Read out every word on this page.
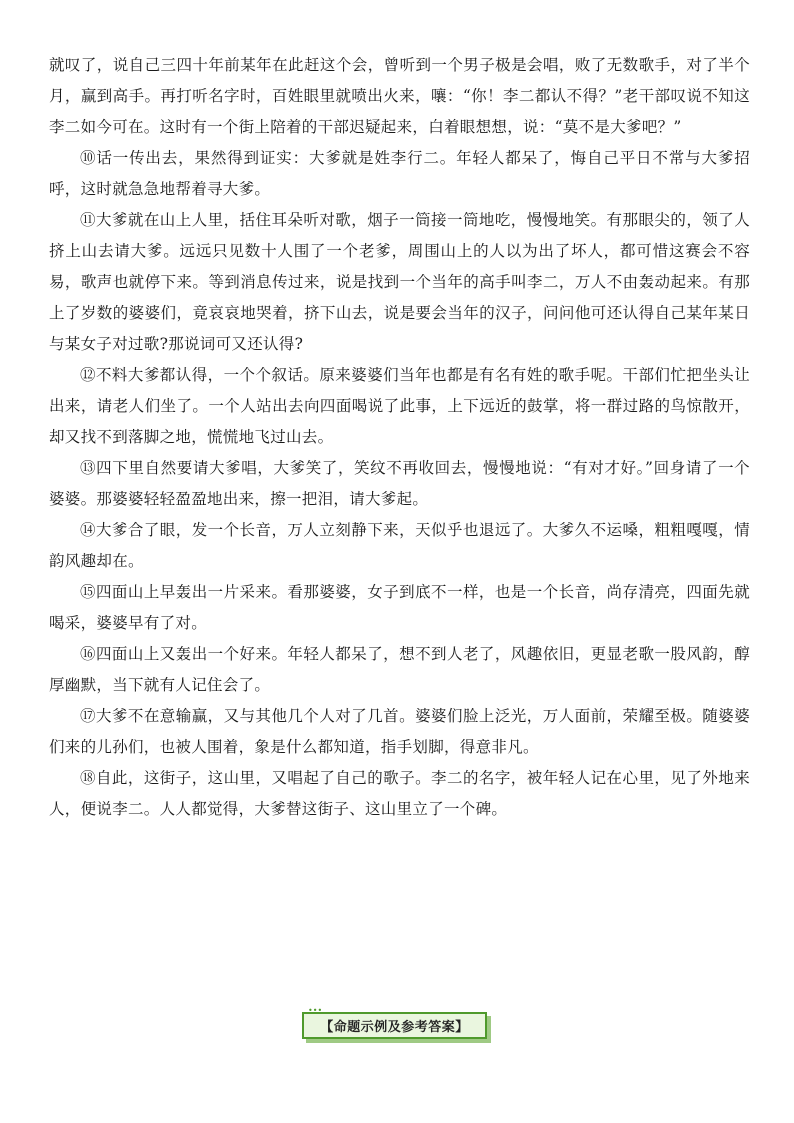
就叹了，说自己三四十年前某年在此赶这个会，曾听到一个男子极是会唱，败了无数歌手，对了半个月，赢到高手。再打听名字时，百姓眼里就喷出火来，嚷：“你！李二都认不得？”老干部叹说不知这李二如今可在。这时有一个街上陪着的干部迟疑起来，白着眼想想，说：“莫不是大爹吧？”

⑩话一传出去，果然得到证实：大爹就是姓李行二。年轻人都呆了，悔自己平日不常与大爹招呼，这时就急急地帮着寻大爹。

⑪大爹就在山上人里，括住耳朵听对歌，烟子一筒接一筒地吃，慢慢地笑。有那眼尖的，领了人挤上山去请大爹。远远只见数十人围了一个老爹，周围山上的人以为出了坏人，都可惜这赛会不容易，歌声也就停下来。等到消息传过来，说是找到一个当年的高手叫李二，万人不由轰动起来。有那上了岁数的婆婆们，竟哀哀地哭着，挤下山去，说是要会当年的汉子，问问他可还认得自己某年某日与某女子对过歌?那说词可又还认得?

⑫不料大爹都认得，一个个叙话。原来婆婆们当年也都是有名有姓的歌手呢。干部们忙把坐头让出来，请老人们坐了。一个人站出去向四面喝说了此事，上下远近的鼓掌，将一群过路的鸟惊散开，却又找不到落脚之地，慌慌地飞过山去。

⑬四下里自然要请大爹唱，大爹笑了，笑纹不再收回去，慢慢地说：“有对才好。”回身请了一个婆婆。那婆婆轻轻盈盈地出来，擦一把泪，请大爹起。

⑭大爹合了眼，发一个长音，万人立刻静下来，天似乎也退远了。大爹久不运嗓，粗粗嘎嘎，情韵风趣却在。

⑮四面山上早轰出一片采来。看那婆婆，女子到底不一样，也是一个长音，尚存清亮，四面先就喝采，婆婆早有了对。

⑯四面山上又轰出一个好来。年轻人都呆了，想不到人老了，风趣依旧，更显老歌一股风韵，醇厚幽默，当下就有人记住会了。

⑰大爹不在意输赢，又与其他几个人对了几首。婆婆们脸上泛光，万人面前，荣耀至极。随婆婆们来的儿孙们，也被人围着，象是什么都知道，指手划脚，得意非凡。

⑱自此，这街子，这山里，又唱起了自己的歌子。李二的名字，被年轻人记在心里，见了外地来人，便说李二。人人都觉得，大爹替这街子、这山里立了一个碑。

【命题示例及参考答案】
•••
